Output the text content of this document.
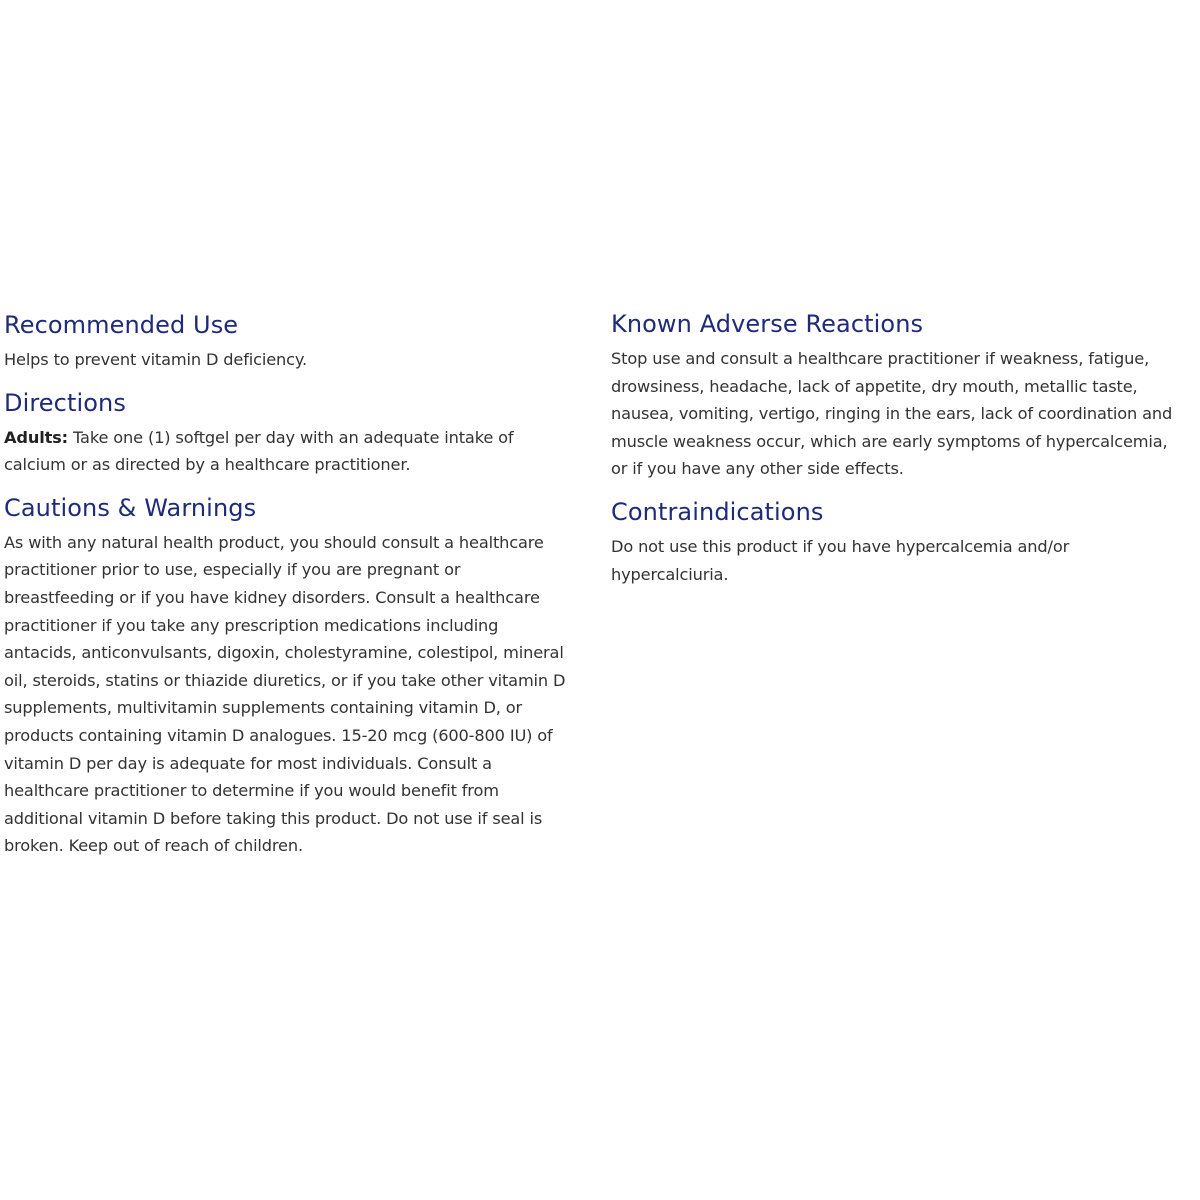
Recommended Use

Helps to prevent vitamin D deficiency.

Directions

Adults: Take one (1) softgel per day with an adequate intake of calcium or as directed by a healthcare practitioner.

Cautions & Warnings

As with any natural health product, you should consult a healthcare practitioner prior to use, especially if you are pregnant or breastfeeding or if you have kidney disorders. Consult a healthcare practitioner if you take any prescription medications including antacids, anticonvulsants, digoxin, cholestyramine, colestipol, mineral oil, steroids, statins or thiazide diuretics, or if you take other vitamin D supplements, multivitamin supplements containing vitamin D, or products containing vitamin D analogues. 15-20 mcg (600-800 IU) of vitamin D per day is adequate for most individuals. Consult a healthcare practitioner to determine if you would benefit from additional vitamin D before taking this product. Do not use if seal is broken. Keep out of reach of children.

Known Adverse Reactions

Stop use and consult a healthcare practitioner if weakness, fatigue, drowsiness, headache, lack of appetite, dry mouth, metallic taste, nausea, vomiting, vertigo, ringing in the ears, lack of coordination and muscle weakness occur, which are early symptoms of hypercalcemia, or if you have any other side effects.

Contraindications

Do not use this product if you have hypercalcemia and/or hypercalciuria.
